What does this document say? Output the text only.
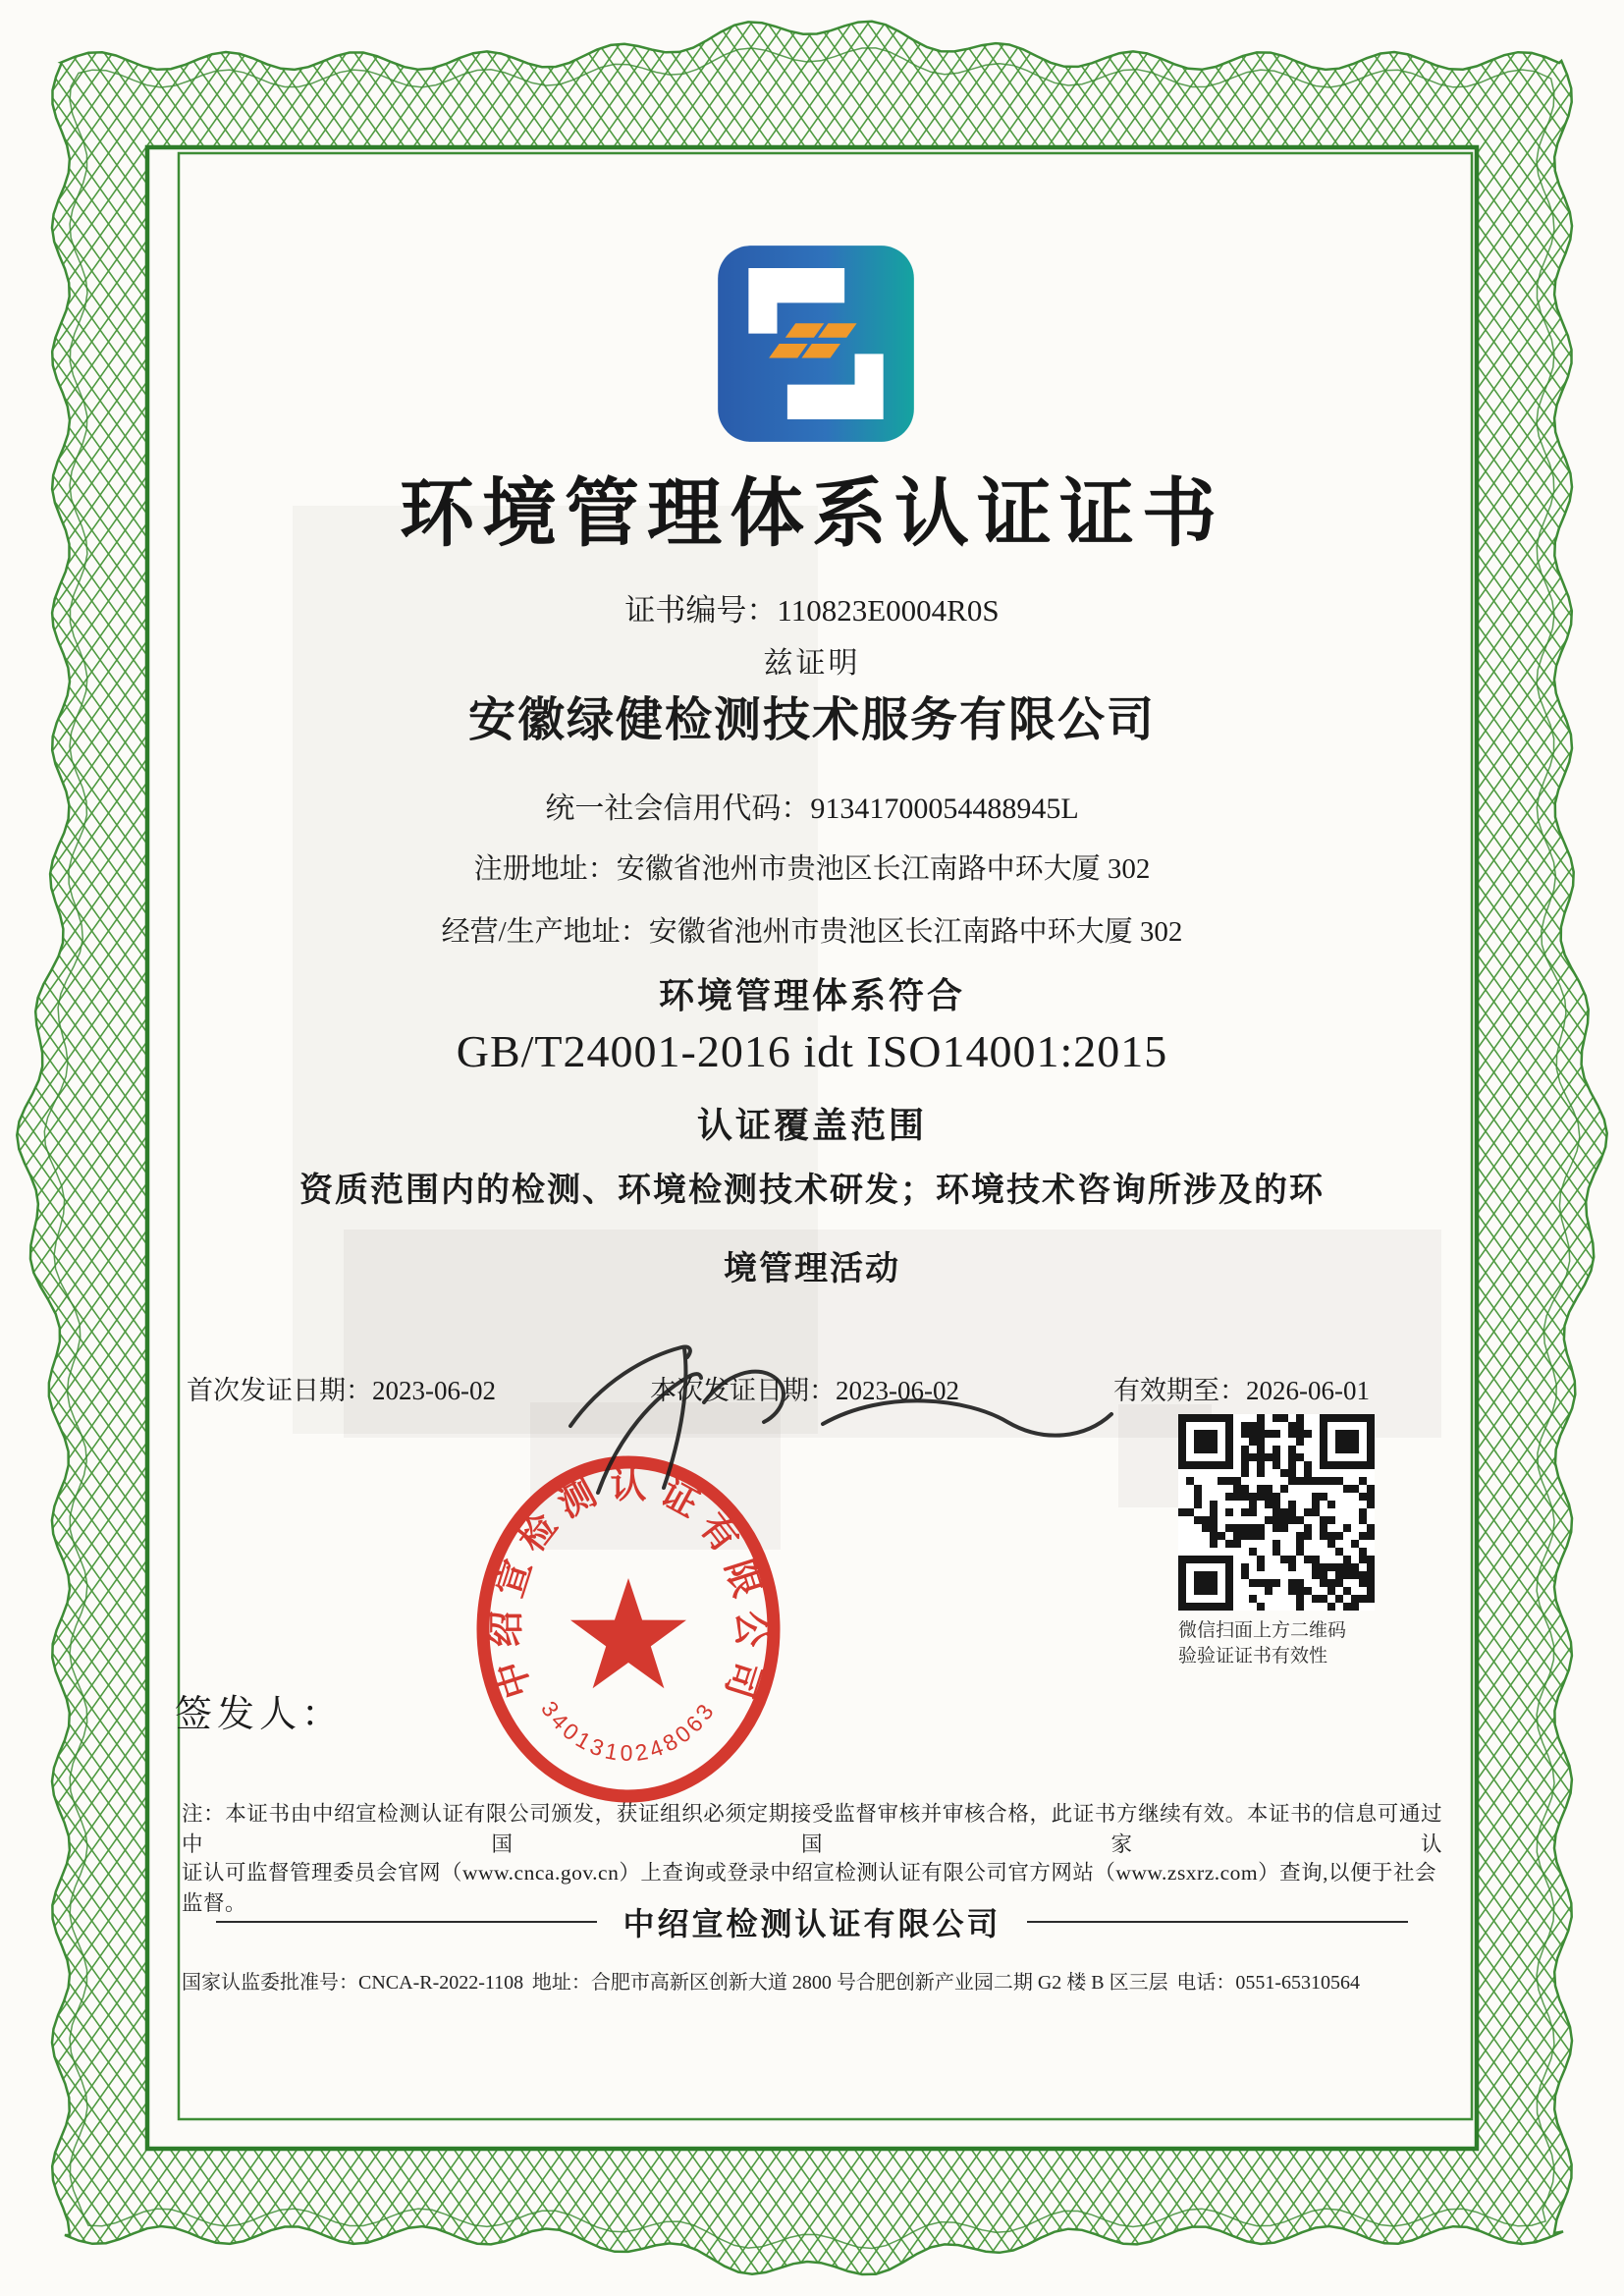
环境管理体系认证证书
证书编号：110823E0004R0S
兹证明
安徽绿健检测技术服务有限公司
统一社会信用代码：91341700054488945L
注册地址：安徽省池州市贵池区长江南路中环大厦 302
经营/生产地址：安徽省池州市贵池区长江南路中环大厦 302
环境管理体系符合
GB/T24001-2016 idt ISO14001:2015
认证覆盖范围
资质范围内的检测、环境检测技术研发；环境技术咨询所涉及的环
境管理活动
首次发证日期：2023-06-02	本次发证日期：2023-06-02	有效期至：2026-06-01
微信扫面上方二维码
验验证证书有效性
中绍宣检测认证有限公司
3401310248063
签发人：
注：本证书由中绍宣检测认证有限公司颁发，获证组织必须定期接受监督审核并审核合格，此证书方继续有效。本证书的信息可通过中国国家认
证认可监督管理委员会官网（www.cnca.gov.cn）上查询或登录中绍宣检测认证有限公司官方网站（www.zsxrz.com）查询,以便于社会监督。
中绍宣检测认证有限公司
国家认监委批准号：CNCA-R-2022-1108 地址：合肥市高新区创新大道 2800 号合肥创新产业园二期 G2 楼 B 区三层 电话：0551-65310564
